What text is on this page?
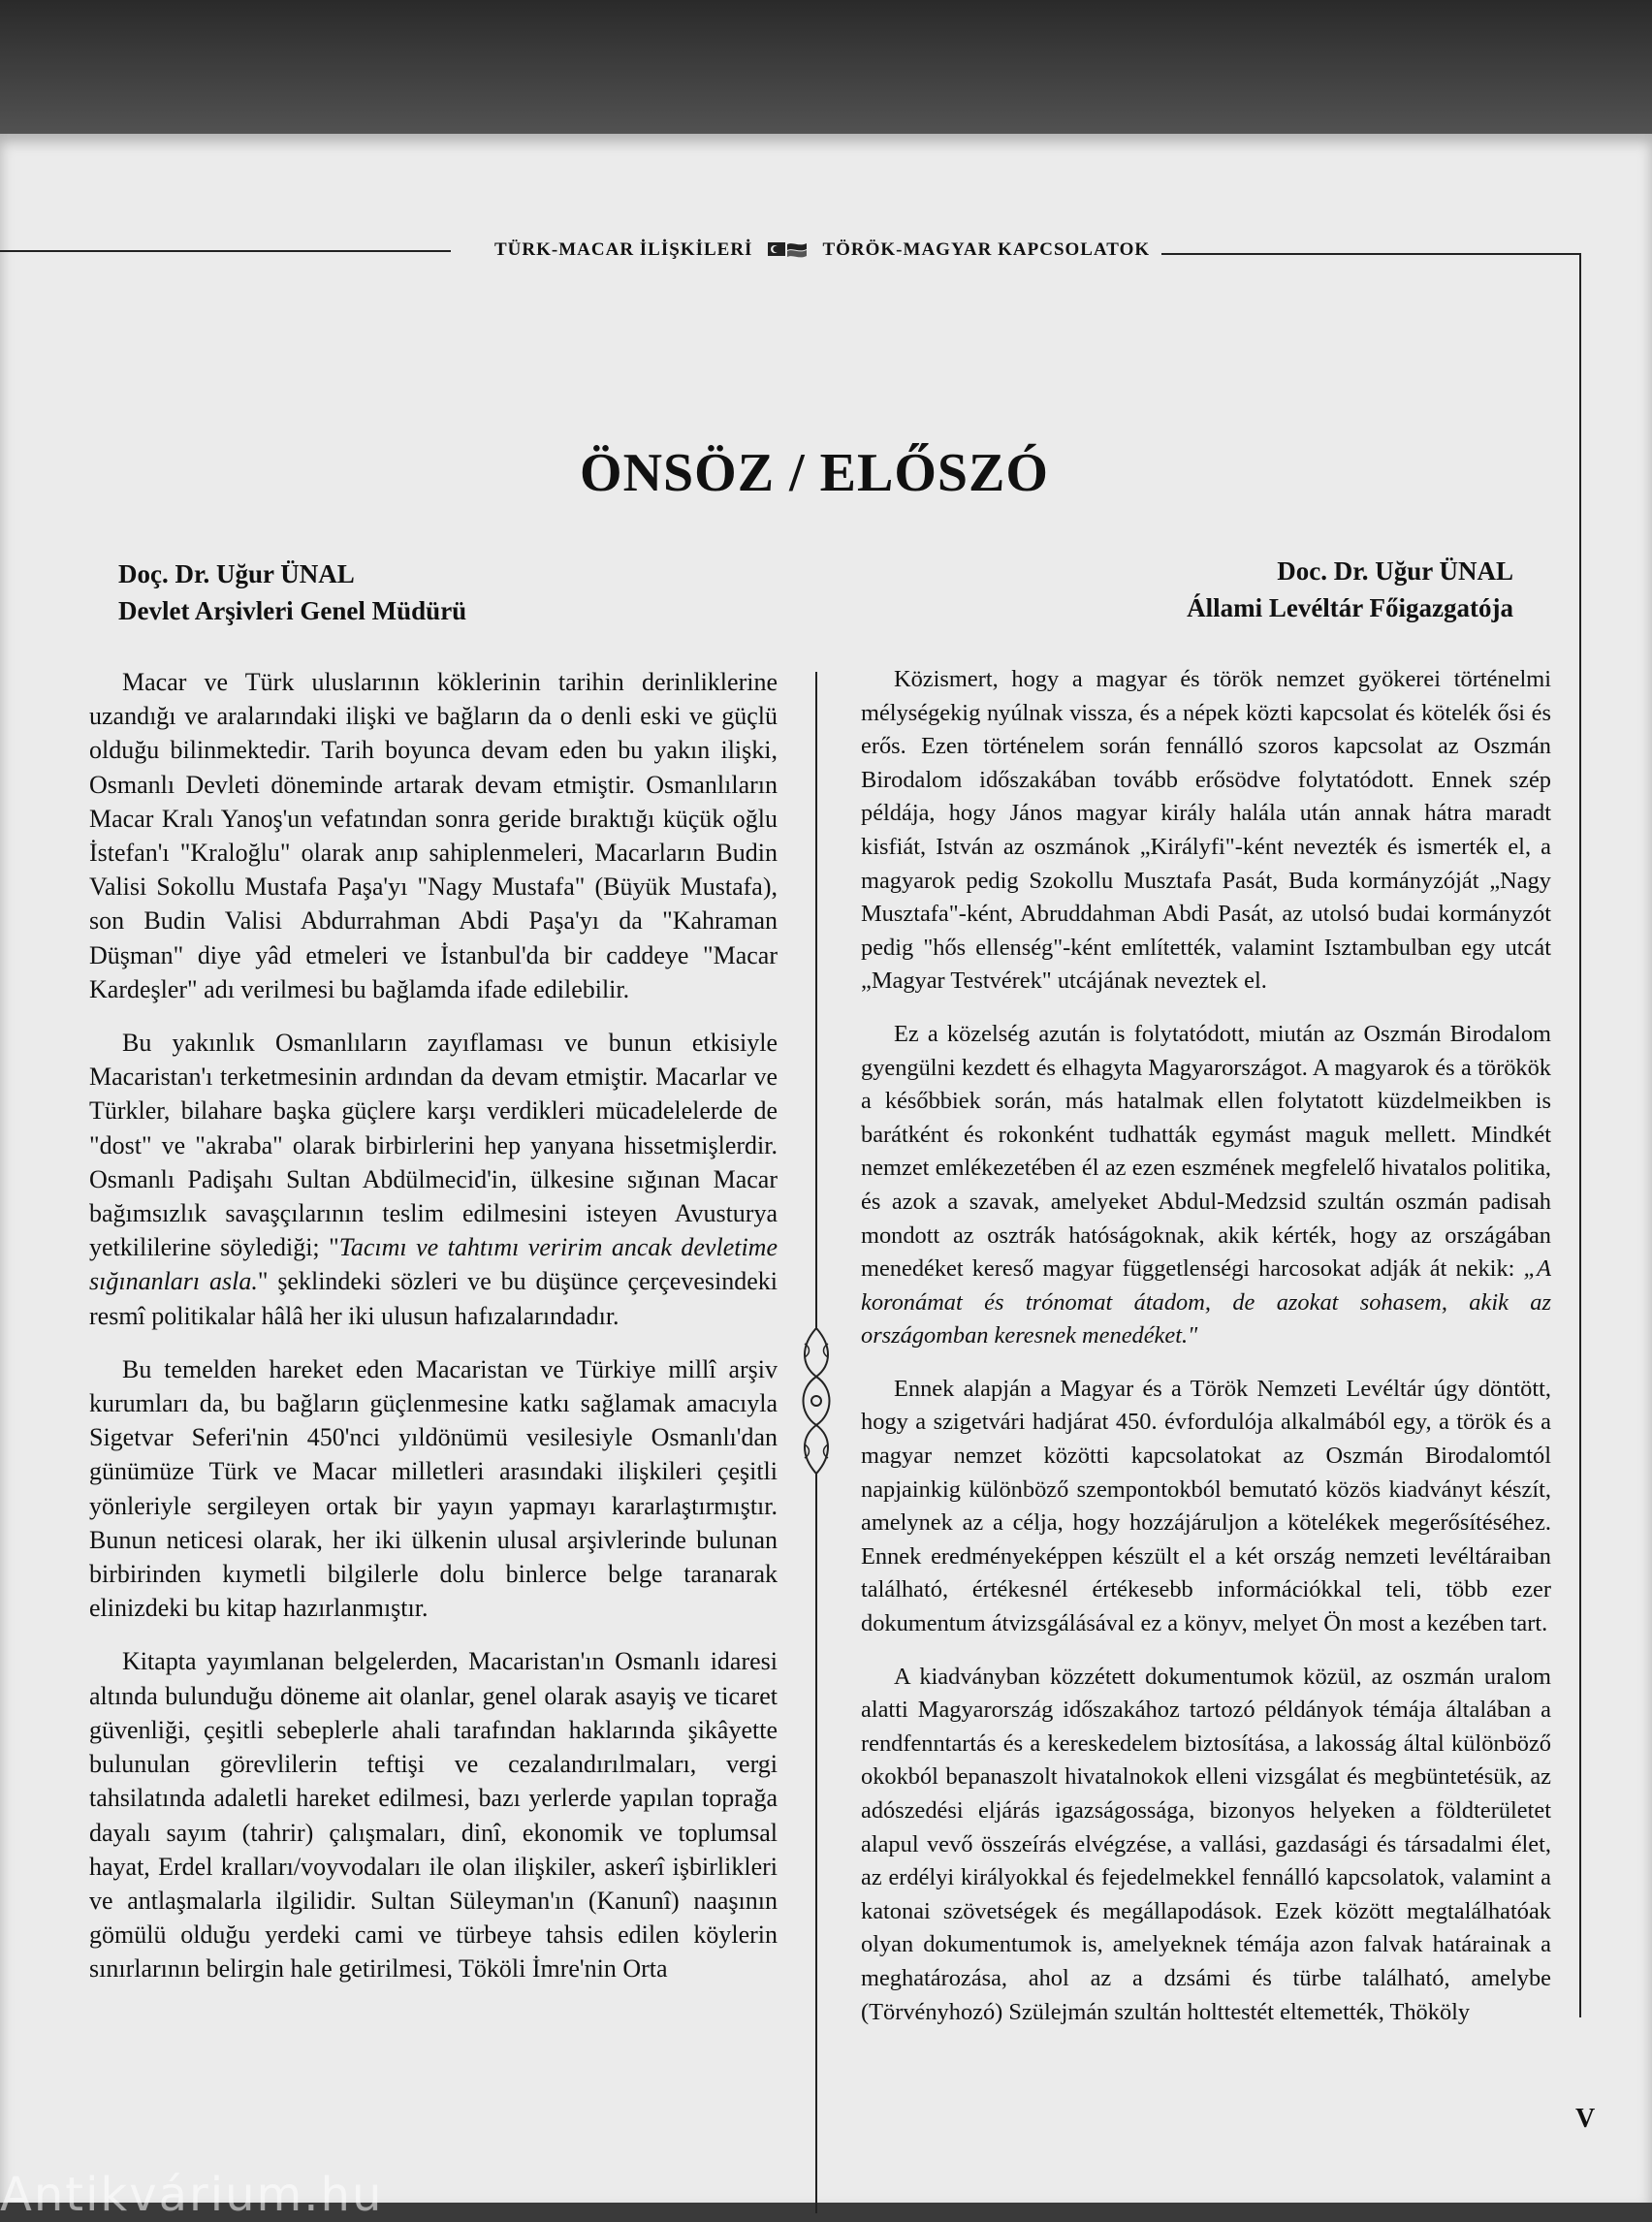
TÜRK-MACAR İLİŞKİLERİ	TÖRÖK-MAGYAR KAPCSOLATOK
ÖNSÖZ / ELŐSZÓ
Doç. Dr. Uğur ÜNAL
Devlet Arşivleri Genel Müdürü
Doc. Dr. Uğur ÜNAL
Állami Levéltár Főigazgatója

Macar ve Türk uluslarının köklerinin tarihin derinliklerine uzandığı ve aralarındaki ilişki ve bağların da o denli eski ve güçlü olduğu bilinmektedir. Tarih boyunca devam eden bu yakın ilişki, Osmanlı Devleti döneminde artarak devam etmiştir. Osmanlıların Macar Kralı Yanoş'un vefatından sonra geride bıraktığı küçük oğlu İstefan'ı "Kraloğlu" olarak anıp sahiplenmeleri, Macarların Budin Valisi Sokollu Mustafa Paşa'yı "Nagy Mustafa" (Büyük Mustafa), son Budin Valisi Abdurrahman Abdi Paşa'yı da "Kahraman Düşman" diye yâd etmeleri ve İstanbul'da bir caddeye "Macar Kardeşler" adı verilmesi bu bağlamda ifade edilebilir.

Bu yakınlık Osmanlıların zayıflaması ve bunun etkisiyle Macaristan'ı terketmesinin ardından da devam etmiştir. Macarlar ve Türkler, bilahare başka güçlere karşı verdikleri mücadelelerde de "dost" ve "akraba" olarak birbirlerini hep yanyana hissetmişlerdir. Osmanlı Padişahı Sultan Abdülmecid'in, ülkesine sığınan Macar bağımsızlık savaşçılarının teslim edilmesini isteyen Avusturya yetkililerine söylediği; "Tacımı ve tahtımı veririm ancak devletime sığınanları asla." şeklindeki sözleri ve bu düşünce çerçevesindeki resmî politikalar hâlâ her iki ulusun hafızalarındadır.

Bu temelden hareket eden Macaristan ve Türkiye millî arşiv kurumları da, bu bağların güçlenmesine katkı sağlamak amacıyla Sigetvar Seferi'nin 450'nci yıldönümü vesilesiyle Osmanlı'dan günümüze Türk ve Macar milletleri arasındaki ilişkileri çeşitli yönleriyle sergileyen ortak bir yayın yapmayı kararlaştırmıştır. Bunun neticesi olarak, her iki ülkenin ulusal arşivlerinde bulunan birbirinden kıymetli bilgilerle dolu binlerce belge taranarak elinizdeki bu kitap hazırlanmıştır.

Kitapta yayımlanan belgelerden, Macaristan'ın Osmanlı idaresi altında bulunduğu döneme ait olanlar, genel olarak asayiş ve ticaret güvenliği, çeşitli sebeplerle ahali tarafından haklarında şikâyette bulunulan görevlilerin teftişi ve cezalandırılmaları, vergi tahsilatında adaletli hareket edilmesi, bazı yerlerde yapılan toprağa dayalı sayım (tahrir) çalışmaları, dinî, ekonomik ve toplumsal hayat, Erdel kralları/voyvodaları ile olan ilişkiler, askerî işbirlikleri ve antlaşmalarla ilgilidir. Sultan Süleyman'ın (Kanunî) naaşının gömülü olduğu yerdeki cami ve türbeye tahsis edilen köylerin sınırlarının belirgin hale getirilmesi, Tököli İmre'nin Orta

Közismert, hogy a magyar és török nemzet gyökerei történelmi mélységekig nyúlnak vissza, és a népek közti kapcsolat és kötelék ősi és erős. Ezen történelem során fennálló szoros kapcsolat az Oszmán Birodalom időszakában tovább erősödve folytatódott. Ennek szép példája, hogy János magyar király halála után annak hátra maradt kisfiát, István az oszmánok „Királyfi"-ként nevezték és ismerték el, a magyarok pedig Szokollu Musztafa Pasát, Buda kormányzóját „Nagy Musztafa"-ként, Abruddahman Abdi Pasát, az utolsó budai kormányzót pedig "hős ellenség"-ként említették, valamint Isztambulban egy utcát „Magyar Testvérek" utcájának neveztek el.

Ez a közelség azután is folytatódott, miután az Oszmán Birodalom gyengülni kezdett és elhagyta Magyarországot. A magyarok és a törökök a későbbiek során, más hatalmak ellen folytatott küzdelmeikben is barátként és rokonként tudhatták egymást maguk mellett. Mindkét nemzet emlékezetében él az ezen eszmének megfelelő hivatalos politika, és azok a szavak, amelyeket Abdul-Medzsid szultán oszmán padisah mondott az osztrák hatóságoknak, akik kérték, hogy az országában menedéket kereső magyar függetlenségi harcosokat adják át nekik: „A koronámat és trónomat átadom, de azokat sohasem, akik az országomban keresnek menedéket."

Ennek alapján a Magyar és a Török Nemzeti Levéltár úgy döntött, hogy a szigetvári hadjárat 450. évfordulója alkalmából egy, a török és a magyar nemzet közötti kapcsolatokat az Oszmán Birodalomtól napjainkig különböző szempontokból bemutató közös kiadványt készít, amelynek az a célja, hogy hozzájáruljon a kötelékek megerősítéséhez. Ennek eredményeképpen készült el a két ország nemzeti levéltáraiban található, értékesnél értékesebb információkkal teli, több ezer dokumentum átvizsgálásával ez a könyv, melyet Ön most a kezében tart.

A kiadványban közzétett dokumentumok közül, az oszmán uralom alatti Magyarország időszakához tartozó példányok témája általában a rendfenntartás és a kereskedelem biztosítása, a lakosság által különböző okokból bepanaszolt hivatalnokok elleni vizsgálat és megbüntetésük, az adószedési eljárás igazságossága, bizonyos helyeken a földterületet alapul vevő összeírás elvégzése, a vallási, gazdasági és társadalmi élet, az erdélyi királyokkal és fejedelmekkel fennálló kapcsolatok, valamint a katonai szövetségek és megállapodások. Ezek között megtalálhatóak olyan dokumentumok is, amelyeknek témája azon falvak határainak a meghatározása, ahol az a dzsámi és türbe található, amelybe (Törvényhozó) Szülejmán szultán holttestét eltemették, Thököly

V
Antikvárium.hu
